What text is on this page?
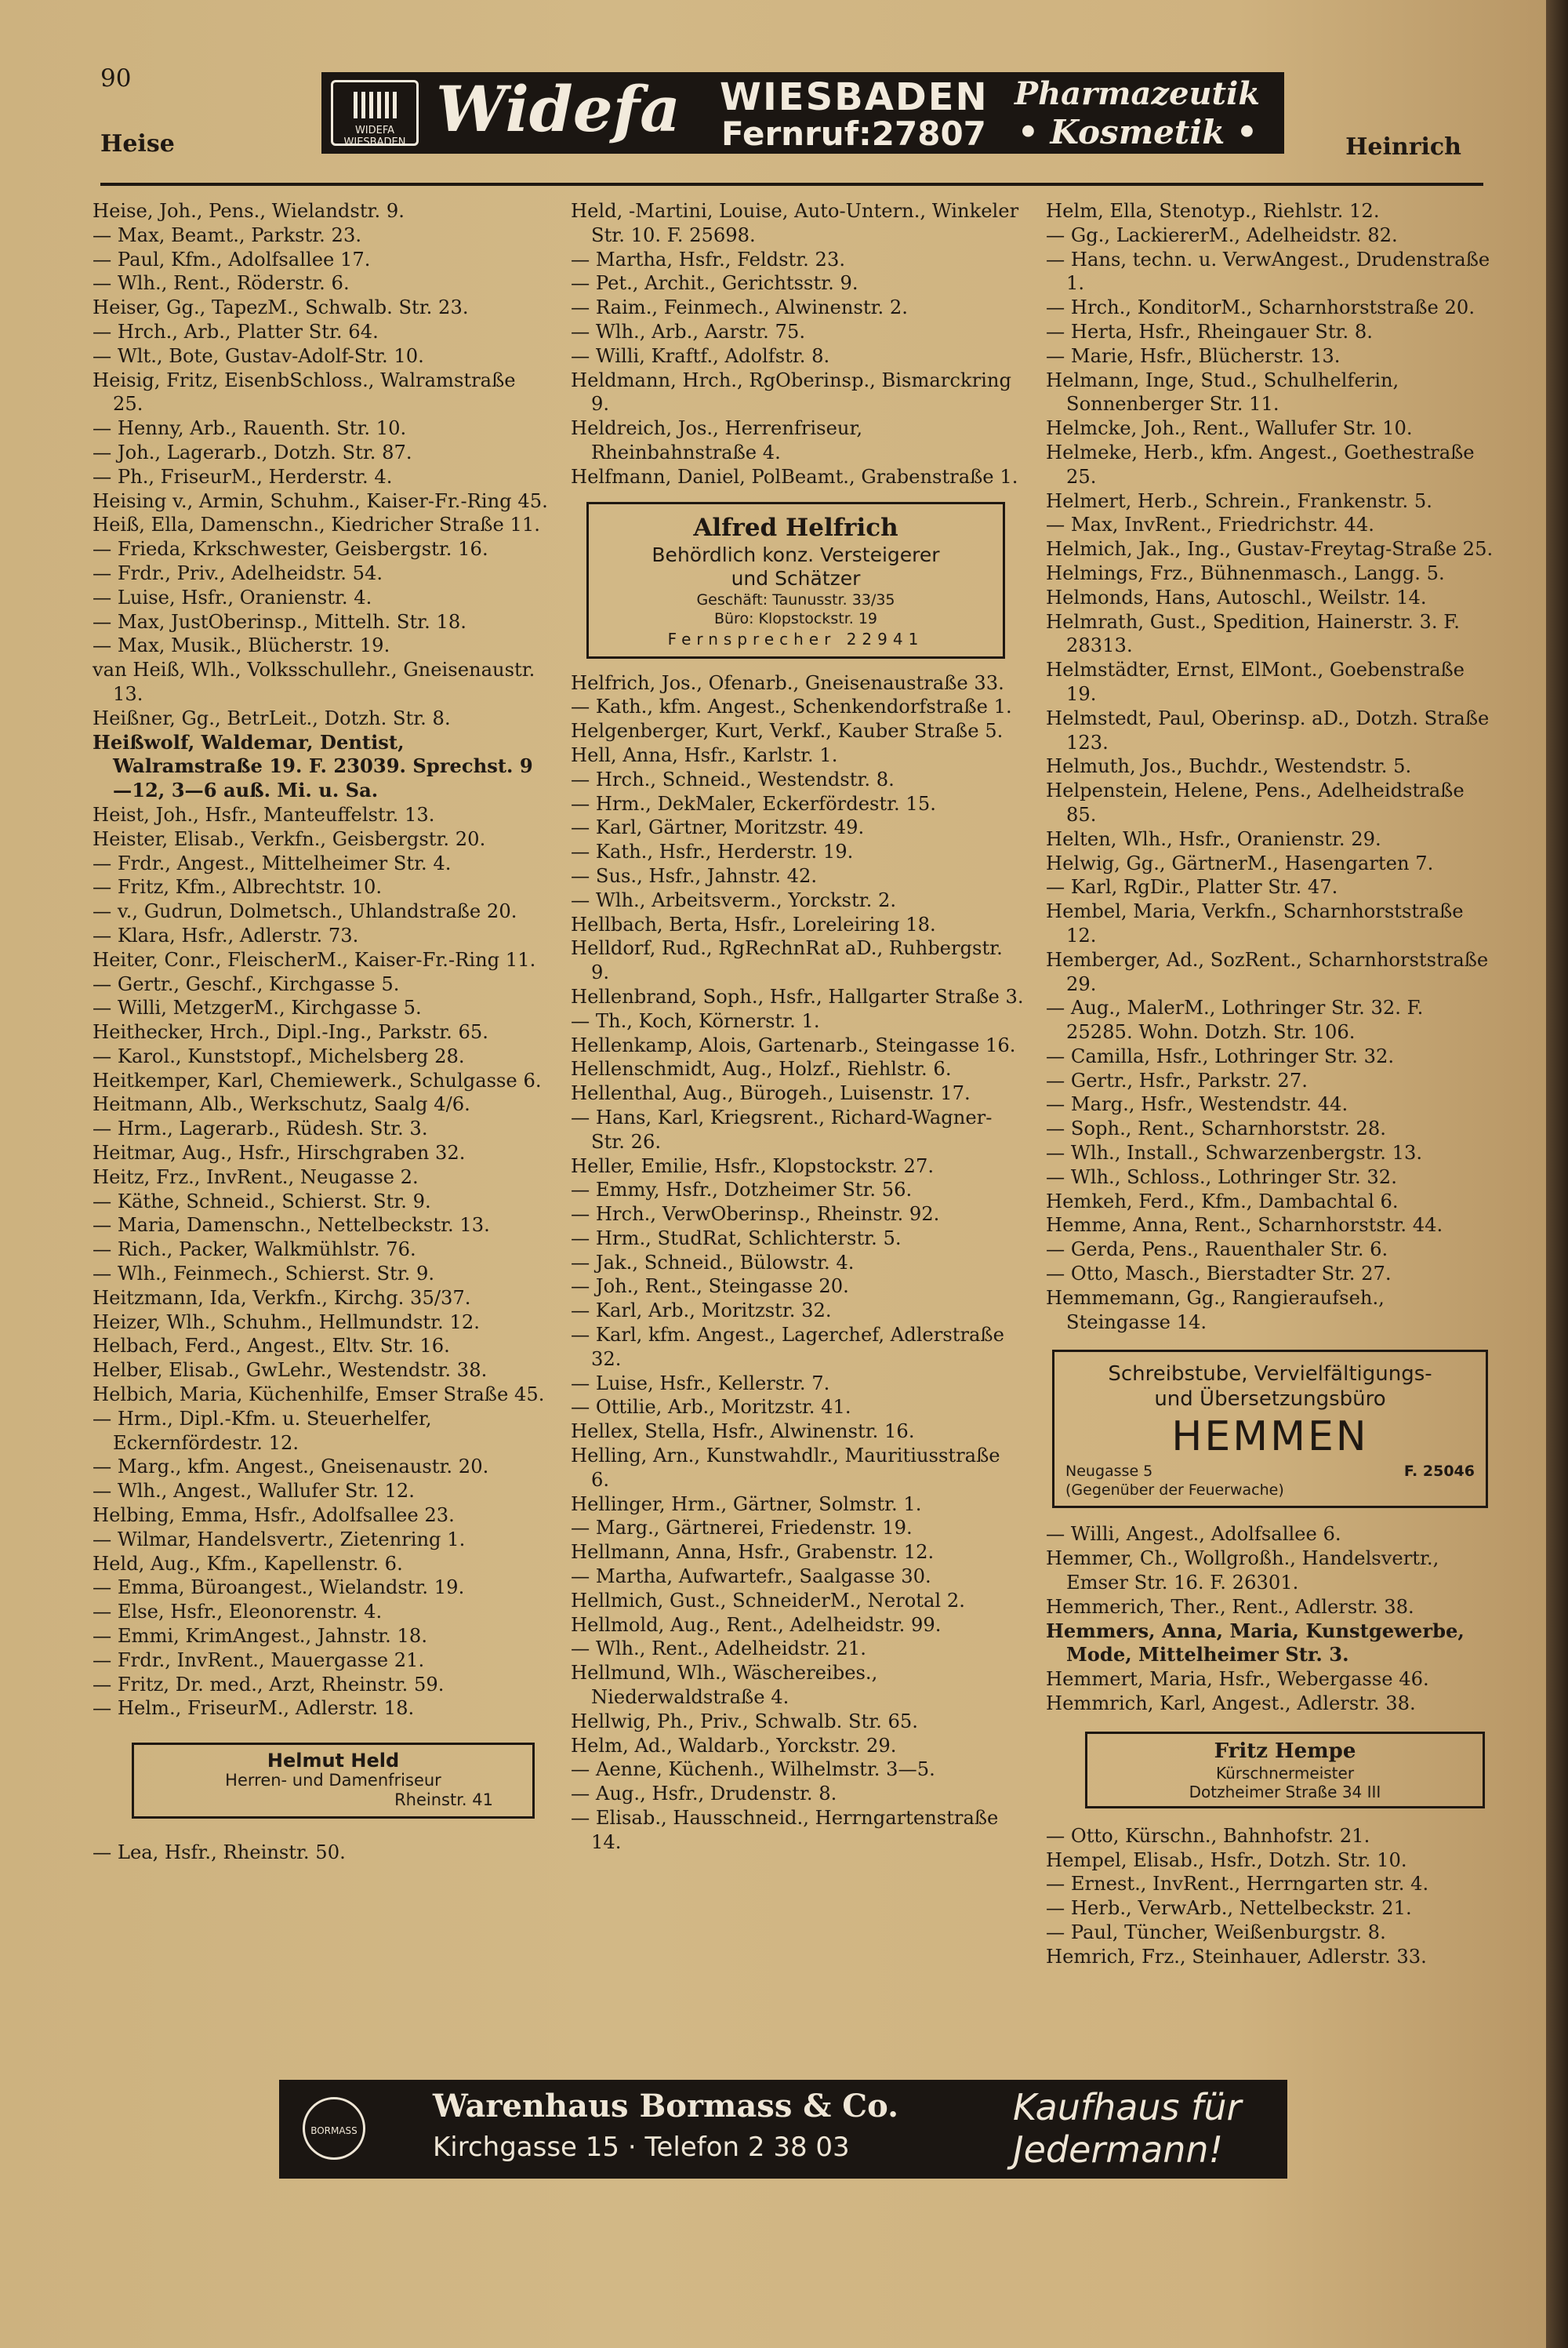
90
Heise	Heinrich
WIDEFA WIESBADEN Widefa WIESBADEN
Fernruf:27807
Pharmazeutik
• Kosmetik •
Heise, Joh., Pens., Wielandstr. 9.
— Max, Beamt., Parkstr. 23.
— Paul, Kfm., Adolfsallee 17.
— Wlh., Rent., Röderstr. 6.
Heiser, Gg., TapezM., Schwalb. Str. 23.
— Hrch., Arb., Platter Str. 64.
— Wlt., Bote, Gustav-Adolf-Str. 10.
Heisig, Fritz, EisenbSchloss., Walramstraße 25.
— Henny, Arb., Rauenth. Str. 10.
— Joh., Lagerarb., Dotzh. Str. 87.
— Ph., FriseurM., Herderstr. 4.
Heising v., Armin, Schuhm., Kaiser-Fr.-Ring 45.
Heiß, Ella, Damenschn., Kiedricher Straße 11.
— Frieda, Krkschwester, Geisbergstr. 16.
— Frdr., Priv., Adelheidstr. 54.
— Luise, Hsfr., Oranienstr. 4.
— Max, JustOberinsp., Mittelh. Str. 18.
— Max, Musik., Blücherstr. 19.
van Heiß, Wlh., Volksschullehr., Gneisenaustr. 13.
Heißner, Gg., BetrLeit., Dotzh. Str. 8.
Heißwolf, Waldemar, Dentist, Walramstraße 19. F. 23039. Sprechst. 9—12, 3—6 auß. Mi. u. Sa.
Heist, Joh., Hsfr., Manteuffelstr. 13.
Heister, Elisab., Verkfn., Geisbergstr. 20.
— Frdr., Angest., Mittelheimer Str. 4.
— Fritz, Kfm., Albrechtstr. 10.
— v., Gudrun, Dolmetsch., Uhlandstraße 20.
— Klara, Hsfr., Adlerstr. 73.
Heiter, Conr., FleischerM., Kaiser-Fr.-Ring 11.
— Gertr., Geschf., Kirchgasse 5.
— Willi, MetzgerM., Kirchgasse 5.
Heithecker, Hrch., Dipl.-Ing., Parkstr. 65.
— Karol., Kunststopf., Michelsberg 28.
Heitkemper, Karl, Chemiewerk., Schulgasse 6.
Heitmann, Alb., Werkschutz, Saalg 4/6.
— Hrm., Lagerarb., Rüdesh. Str. 3.
Heitmar, Aug., Hsfr., Hirschgraben 32.
Heitz, Frz., InvRent., Neugasse 2.
— Käthe, Schneid., Schierst. Str. 9.
— Maria, Damenschn., Nettelbeckstr. 13.
— Rich., Packer, Walkmühlstr. 76.
— Wlh., Feinmech., Schierst. Str. 9.
Heitzmann, Ida, Verkfn., Kirchg. 35/37.
Heizer, Wlh., Schuhm., Hellmundstr. 12.
Helbach, Ferd., Angest., Eltv. Str. 16.
Helber, Elisab., GwLehr., Westendstr. 38.
Helbich, Maria, Küchenhilfe, Emser Straße 45.
— Hrm., Dipl.-Kfm. u. Steuerhelfer, Eckernfördestr. 12.
— Marg., kfm. Angest., Gneisenaustr. 20.
— Wlh., Angest., Wallufer Str. 12.
Helbing, Emma, Hsfr., Adolfsallee 23.
— Wilmar, Handelsvertr., Zietenring 1.
Held, Aug., Kfm., Kapellenstr. 6.
— Emma, Büroangest., Wielandstr. 19.
— Else, Hsfr., Eleonorenstr. 4.
— Emmi, KrimAngest., Jahnstr. 18.
— Frdr., InvRent., Mauergasse 21.
— Fritz, Dr. med., Arzt, Rheinstr. 59.
— Helm., FriseurM., Adlerstr. 18.
Helmut Held
Herren- und Damenfriseur
Rheinstr. 41
— Lea, Hsfr., Rheinstr. 50.
Held, -Martini, Louise, Auto-Untern., Winkeler Str. 10. F. 25698.
— Martha, Hsfr., Feldstr. 23.
— Pet., Archit., Gerichtsstr. 9.
— Raim., Feinmech., Alwinenstr. 2.
— Wlh., Arb., Aarstr. 75.
— Willi, Kraftf., Adolfstr. 8.
Heldmann, Hrch., RgOberinsp., Bismarckring 9.
Heldreich, Jos., Herrenfriseur, Rheinbahnstraße 4.
Helfmann, Daniel, PolBeamt., Grabenstraße 1.
Alfred Helfrich
Behördlich konz. Versteigerer
und Schätzer
Geschäft: Taunusstr. 33/35
Büro: Klopstockstr. 19
Fernsprecher 22941
Helfrich, Jos., Ofenarb., Gneisenaustraße 33.
— Kath., kfm. Angest., Schenkendorfstraße 1.
Helgenberger, Kurt, Verkf., Kauber Straße 5.
Hell, Anna, Hsfr., Karlstr. 1.
— Hrch., Schneid., Westendstr. 8.
— Hrm., DekMaler, Eckerfördestr. 15.
— Karl, Gärtner, Moritzstr. 49.
— Kath., Hsfr., Herderstr. 19.
— Sus., Hsfr., Jahnstr. 42.
— Wlh., Arbeitsverm., Yorckstr. 2.
Hellbach, Berta, Hsfr., Loreleiring 18.
Helldorf, Rud., RgRechnRat aD., Ruhbergstr. 9.
Hellenbrand, Soph., Hsfr., Hallgarter Straße 3.
— Th., Koch, Körnerstr. 1.
Hellenkamp, Alois, Gartenarb., Steingasse 16.
Hellenschmidt, Aug., Holzf., Riehlstr. 6.
Hellenthal, Aug., Bürogeh., Luisenstr. 17.
— Hans, Karl, Kriegsrent., Richard-Wagner-Str. 26.
Heller, Emilie, Hsfr., Klopstockstr. 27.
— Emmy, Hsfr., Dotzheimer Str. 56.
— Hrch., VerwOberinsp., Rheinstr. 92.
— Hrm., StudRat, Schlichterstr. 5.
— Jak., Schneid., Bülowstr. 4.
— Joh., Rent., Steingasse 20.
— Karl, Arb., Moritzstr. 32.
— Karl, kfm. Angest., Lagerchef, Adlerstraße 32.
— Luise, Hsfr., Kellerstr. 7.
— Ottilie, Arb., Moritzstr. 41.
Hellex, Stella, Hsfr., Alwinenstr. 16.
Helling, Arn., Kunstwahdlr., Mauritiusstraße 6.
Hellinger, Hrm., Gärtner, Solmstr. 1.
— Marg., Gärtnerei, Friedenstr. 19.
Hellmann, Anna, Hsfr., Grabenstr. 12.
— Martha, Aufwartefr., Saalgasse 30.
Hellmich, Gust., SchneiderM., Nerotal 2.
Hellmold, Aug., Rent., Adelheidstr. 99.
— Wlh., Rent., Adelheidstr. 21.
Hellmund, Wlh., Wäschereibes., Niederwaldstraße 4.
Hellwig, Ph., Priv., Schwalb. Str. 65.
Helm, Ad., Waldarb., Yorckstr. 29.
— Aenne, Küchenh., Wilhelmstr. 3—5.
— Aug., Hsfr., Drudenstr. 8.
— Elisab., Hausschneid., Herrngartenstraße 14.
Helm, Ella, Stenotyp., Riehlstr. 12.
— Gg., LackiererM., Adelheidstr. 82.
— Hans, techn. u. VerwAngest., Drudenstraße 1.
— Hrch., KonditorM., Scharnhorststraße 20.
— Herta, Hsfr., Rheingauer Str. 8.
— Marie, Hsfr., Blücherstr. 13.
Helmann, Inge, Stud., Schulhelferin, Sonnenberger Str. 11.
Helmcke, Joh., Rent., Wallufer Str. 10.
Helmeke, Herb., kfm. Angest., Goethestraße 25.
Helmert, Herb., Schrein., Frankenstr. 5.
— Max, InvRent., Friedrichstr. 44.
Helmich, Jak., Ing., Gustav-Freytag-Straße 25.
Helmings, Frz., Bühnenmasch., Langg. 5.
Helmonds, Hans, Autoschl., Weilstr. 14.
Helmrath, Gust., Spedition, Hainerstr. 3. F. 28313.
Helmstädter, Ernst, ElMont., Goebenstraße 19.
Helmstedt, Paul, Oberinsp. aD., Dotzh. Straße 123.
Helmuth, Jos., Buchdr., Westendstr. 5.
Helpenstein, Helene, Pens., Adelheidstraße 85.
Helten, Wlh., Hsfr., Oranienstr. 29.
Helwig, Gg., GärtnerM., Hasengarten 7.
— Karl, RgDir., Platter Str. 47.
Hembel, Maria, Verkfn., Scharnhorststraße 12.
Hemberger, Ad., SozRent., Scharnhorststraße 29.
— Aug., MalerM., Lothringer Str. 32. F. 25285. Wohn. Dotzh. Str. 106.
— Camilla, Hsfr., Lothringer Str. 32.
— Gertr., Hsfr., Parkstr. 27.
— Marg., Hsfr., Westendstr. 44.
— Soph., Rent., Scharnhorststr. 28.
— Wlh., Install., Schwarzenbergstr. 13.
— Wlh., Schloss., Lothringer Str. 32.
Hemkeh, Ferd., Kfm., Dambachtal 6.
Hemme, Anna, Rent., Scharnhorststr. 44.
— Gerda, Pens., Rauenthaler Str. 6.
— Otto, Masch., Bierstadter Str. 27.
Hemmemann, Gg., Rangieraufseh., Steingasse 14.
Schreibstube, Vervielfältigungs-
und Übersetzungsbüro
HEMMEN
Neugasse 5	F. 25046
(Gegenüber der Feuerwache)
— Willi, Angest., Adolfsallee 6.
Hemmer, Ch., Wollgroßh., Handelsvertr., Emser Str. 16. F. 26301.
Hemmerich, Ther., Rent., Adlerstr. 38.
Hemmers, Anna, Maria, Kunstgewerbe, Mode, Mittelheimer Str. 3.
Hemmert, Maria, Hsfr., Webergasse 46.
Hemmrich, Karl, Angest., Adlerstr. 38.
Fritz Hempe
Kürschnermeister
Dotzheimer Straße 34 III
— Otto, Kürschn., Bahnhofstr. 21.
Hempel, Elisab., Hsfr., Dotzh. Str. 10.
— Ernest., InvRent., Herrngarten str. 4.
— Herb., VerwArb., Nettelbeckstr. 21.
— Paul, Tüncher, Weißenburgstr. 8.
Hemrich, Frz., Steinhauer, Adlerstr. 33.
BORMASS
Warenhaus Bormass & Co.
Kirchgasse 15 · Telefon 2 38 03
Kaufhaus für
Jedermann!
